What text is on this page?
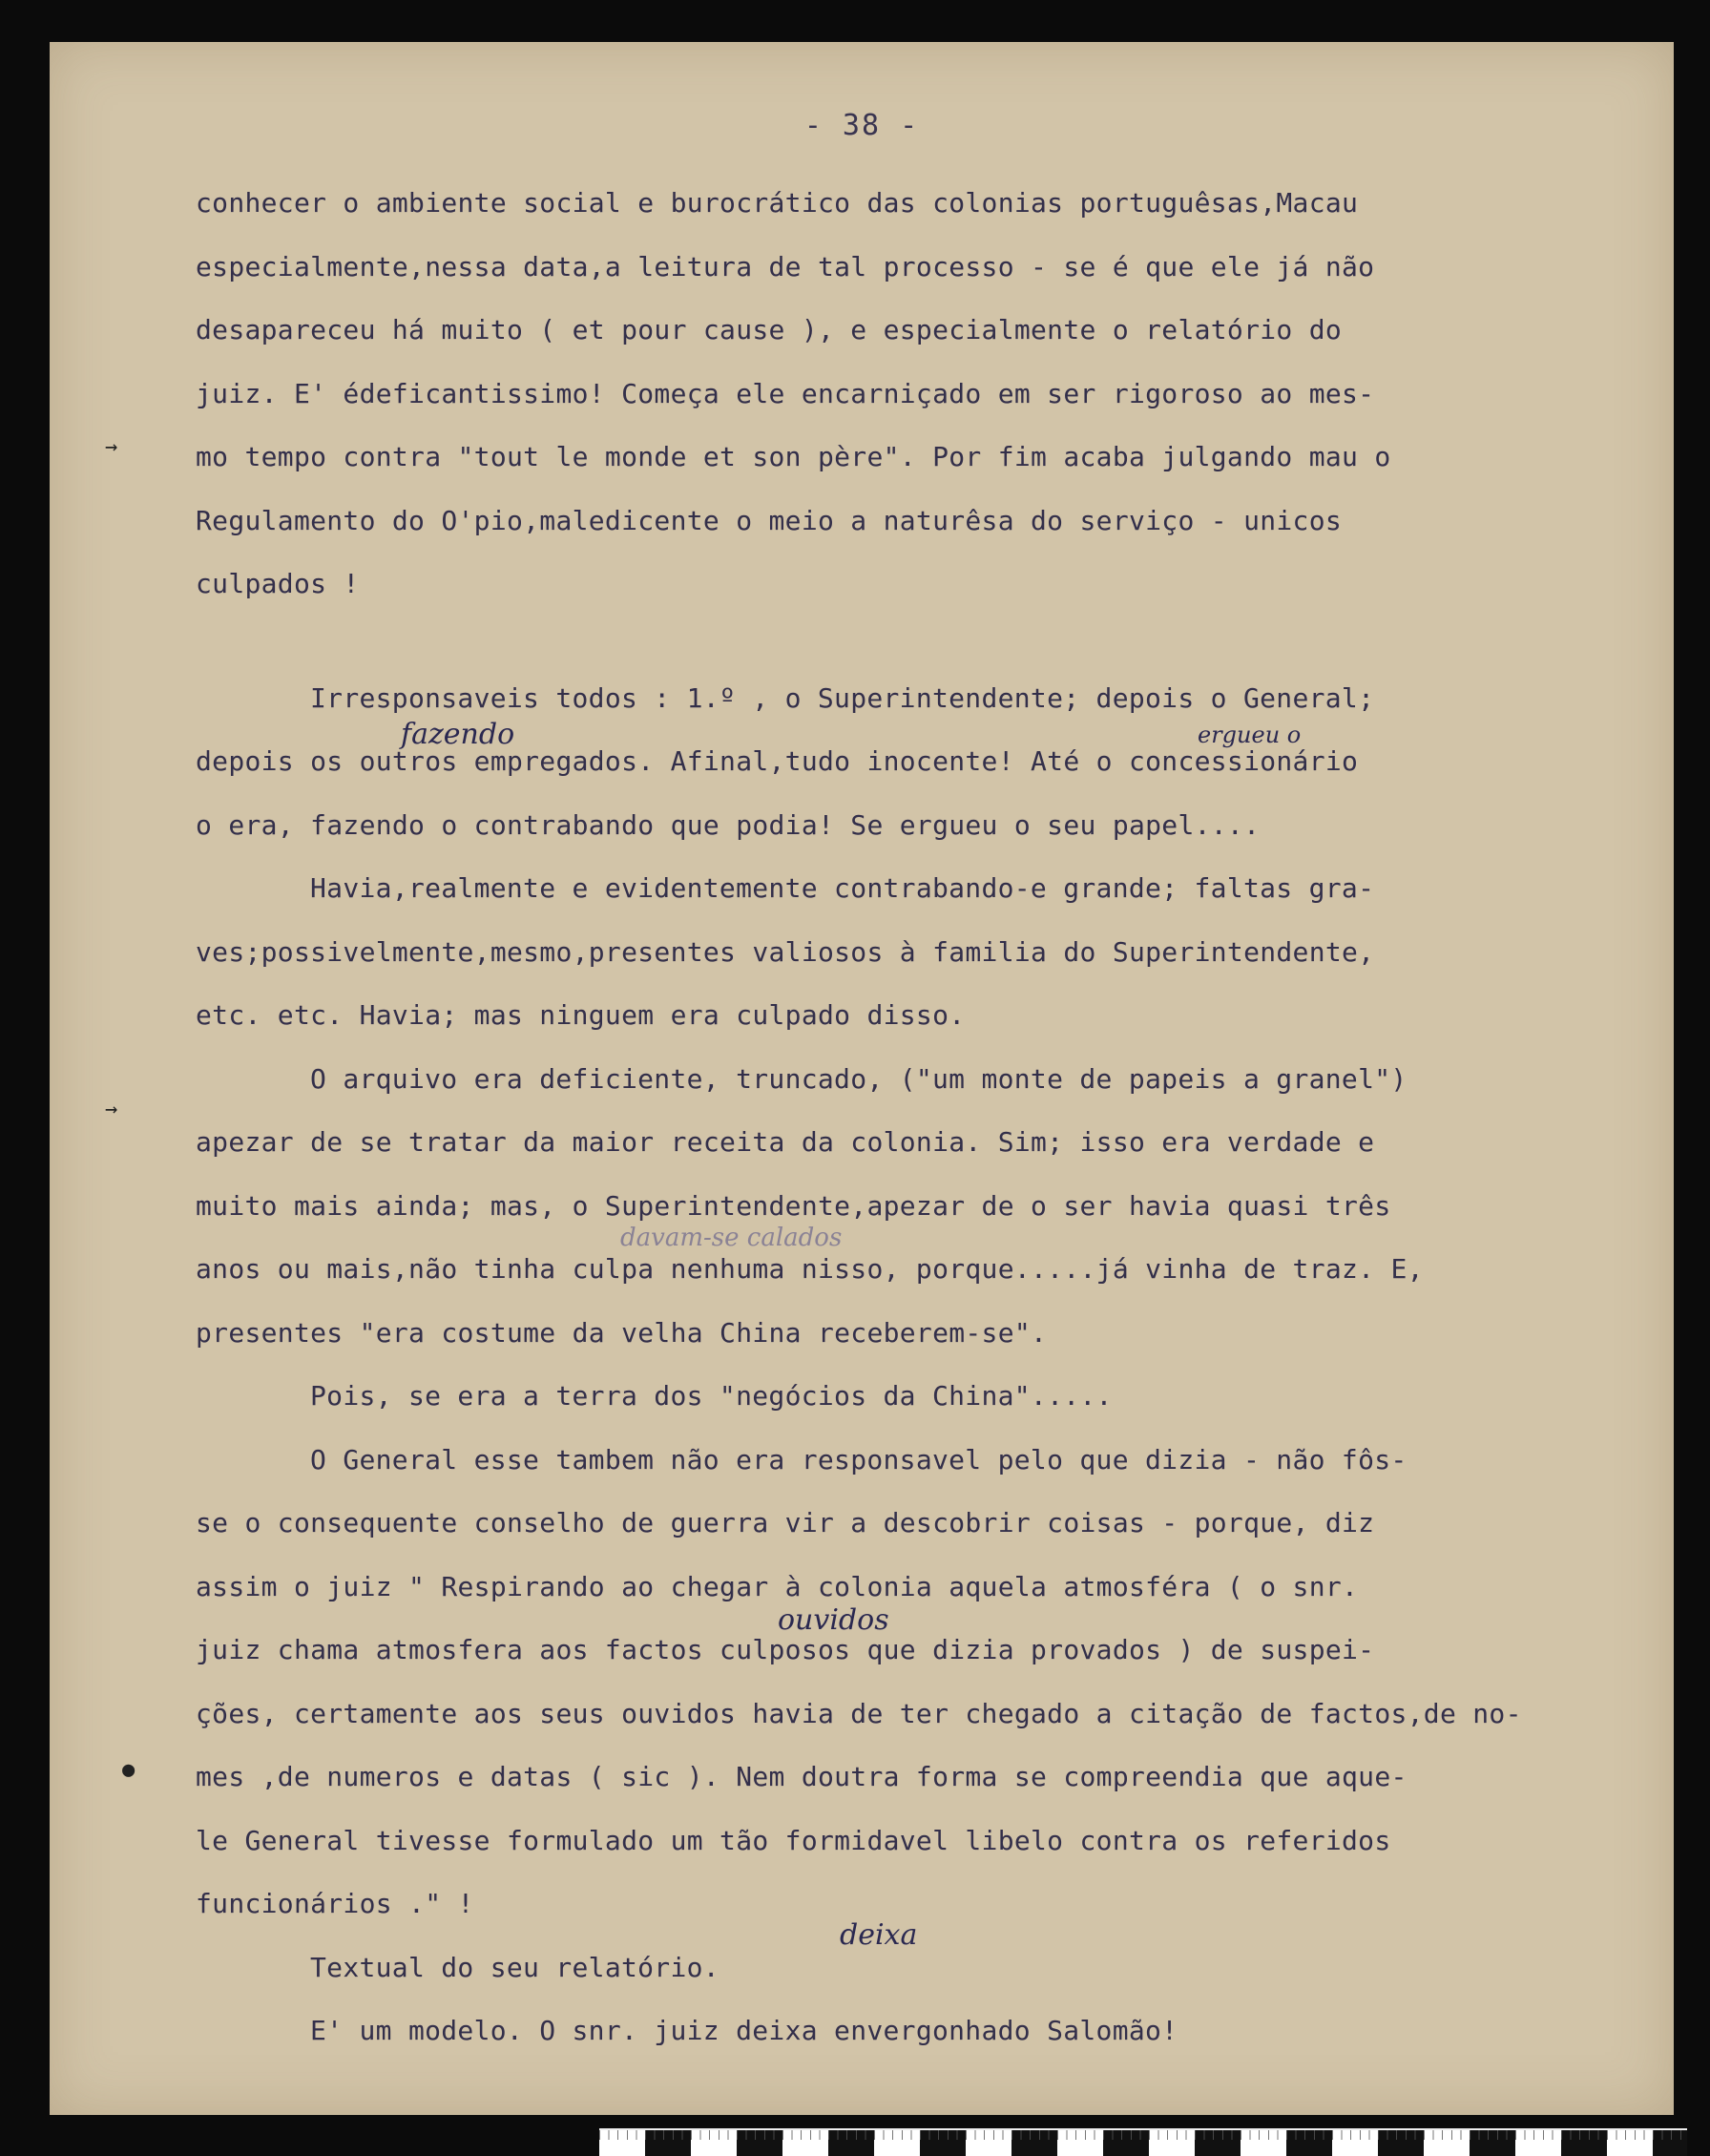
- 38 -
conhecer o ambiente social e burocrático das colonias portuguêsas,Macau
especialmente,nessa data,a leitura de tal processo - se é que ele já não
desapareceu há muito ( et pour cause ), e especialmente o relatório do
juiz. E' édeficantissimo! Começa ele encarniçado em ser rigoroso ao mes-
mo tempo contra "tout le monde et son père". Por fim acaba julgando mau o
Regulamento do O'pio,maledicente o meio a naturêsa do serviço - unicos
culpados !
Irresponsaveis todos : 1.º , o Superintendente; depois o General;
depois os outros empregados. Afinal,tudo inocente! Até o concessionário
o era, fazendo o contrabando que podia! Se ergueu o seu papel....
Havia,realmente e evidentemente contrabando-e grande; faltas gra-
ves;possivelmente,mesmo,presentes valiosos à familia do Superintendente,
etc. etc. Havia; mas ninguem era culpado disso.
O arquivo era deficiente, truncado, ("um monte de papeis a granel")
apezar de se tratar da maior receita da colonia. Sim; isso era verdade e
muito mais ainda; mas, o Superintendente,apezar de o ser havia quasi três
anos ou mais,não tinha culpa nenhuma nisso, porque.....já vinha de traz. E,
presentes "era costume da velha China receberem-se".
Pois, se era a terra dos "negócios da China".....
O General esse tambem não era responsavel pelo que dizia - não fôs-
se o consequente conselho de guerra vir a descobrir coisas - porque, diz
assim o juiz " Respirando ao chegar à colonia aquela atmosféra ( o snr.
juiz chama atmosfera aos factos culposos que dizia provados ) de suspei-
ções, certamente aos seus ouvidos havia de ter chegado a citação de factos,de no-
mes ,de numeros e datas ( sic ). Nem doutra forma se compreendia que aque-
le General tivesse formulado um tão formidavel libelo contra os referidos
funcionários ." !
Textual do seu relatório.
E' um modelo. O snr. juiz deixa envergonhado Salomão!
fazendo	ergueu o
davam-se calados
ouvidos
deixa
→
→
●
